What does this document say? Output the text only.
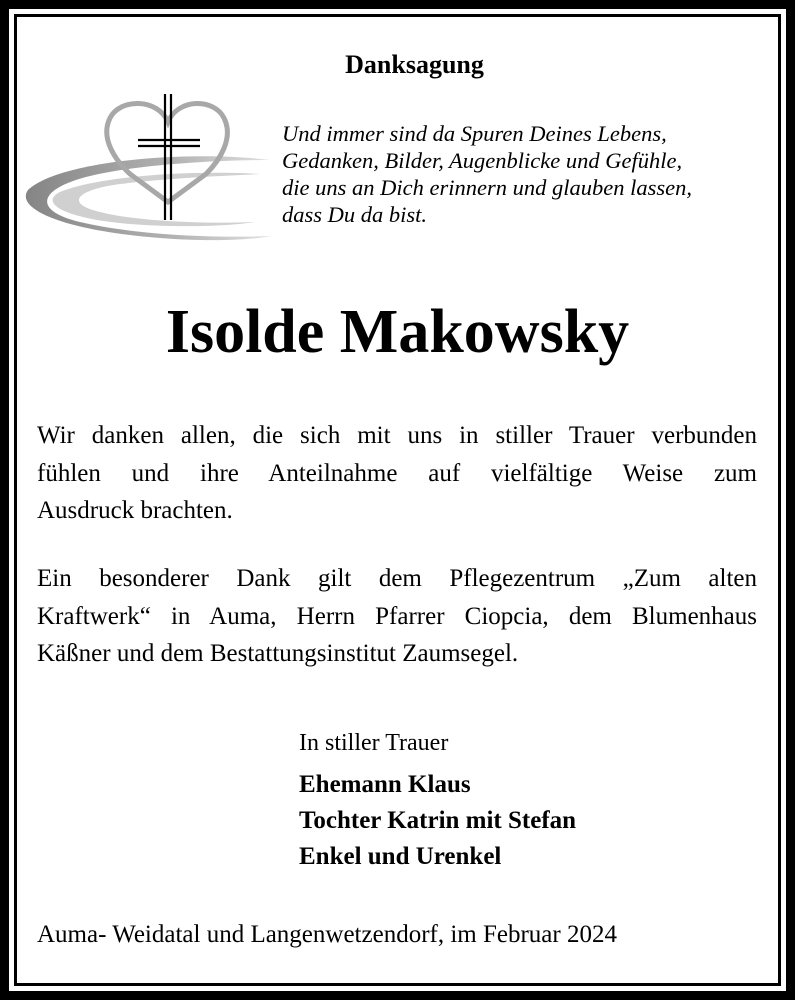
Danksagung
Und immer sind da Spuren Deines Lebens,
Gedanken, Bilder, Augenblicke und Gefühle,
die uns an Dich erinnern und glauben lassen,
dass Du da bist.
Isolde Makowsky
Wir danken allen, die sich mit uns in stiller Trauer verbunden
fühlen und ihre Anteilnahme auf vielfältige Weise zum
Ausdruck brachten.
Ein besonderer Dank gilt dem Pflegezentrum „Zum alten
Kraftwerk“ in Auma, Herrn Pfarrer Ciopcia, dem Blumenhaus
Käßner und dem Bestattungsinstitut Zaumsegel.
In stiller Trauer
Ehemann Klaus
Tochter Katrin mit Stefan
Enkel und Urenkel
Auma- Weidatal und Langenwetzendorf, im Februar 2024
